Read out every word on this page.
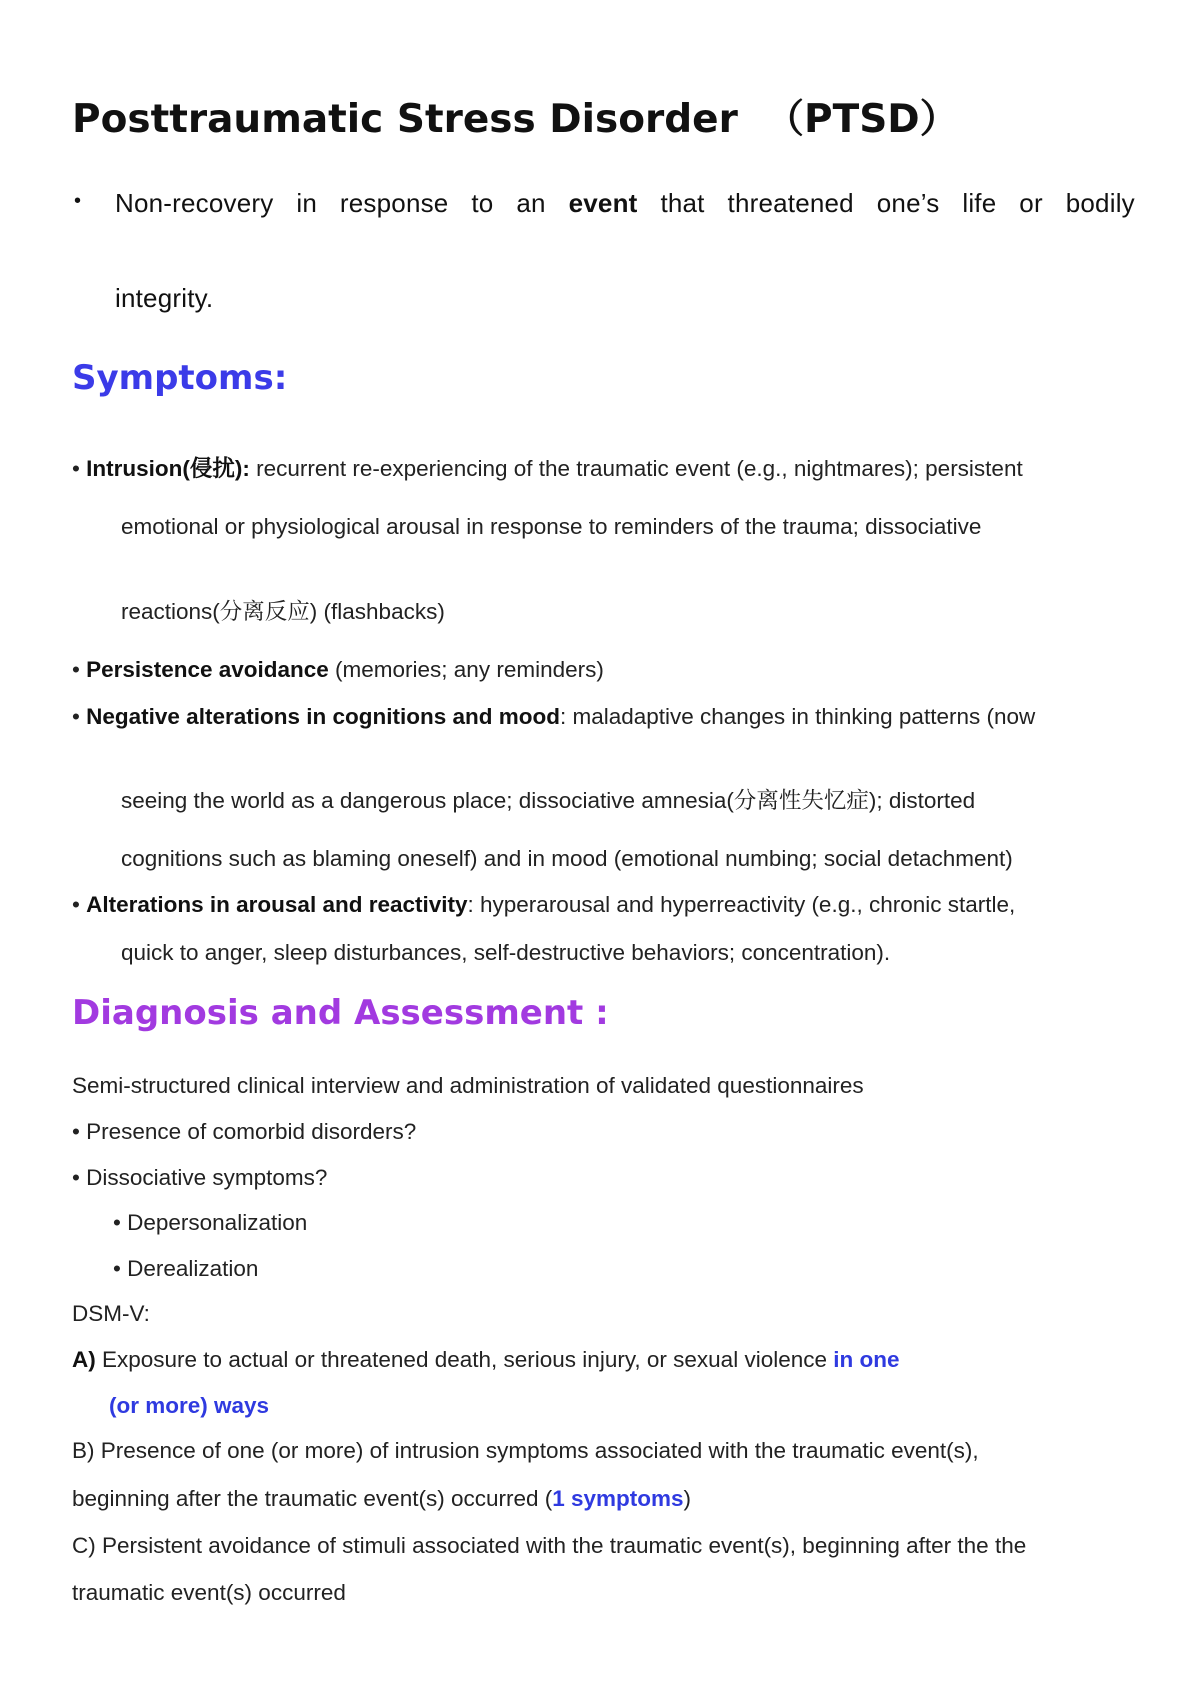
Posttraumatic Stress Disorder  （PTSD）
• Non-recovery in response to an event that threatened one’s life or bodily
integrity.
Symptoms:
• Intrusion(侵扰): recurrent re-experiencing of the traumatic event (e.g., nightmares); persistent
emotional or physiological arousal in response to reminders of the trauma; dissociative
reactions(分离反应) (flashbacks)
• Persistence avoidance (memories; any reminders)
• Negative alterations in cognitions and mood: maladaptive changes in thinking patterns (now
seeing the world as a dangerous place; dissociative amnesia(分离性失忆症); distorted
cognitions such as blaming oneself) and in mood (emotional numbing; social detachment)
• Alterations in arousal and reactivity: hyperarousal and hyperreactivity (e.g., chronic startle,
quick to anger, sleep disturbances, self-destructive behaviors; concentration).
Diagnosis and Assessment :
Semi-structured clinical interview and administration of validated questionnaires
• Presence of comorbid disorders?
• Dissociative symptoms?
• Depersonalization
• Derealization
DSM-V:
A) Exposure to actual or threatened death, serious injury, or sexual violence in one
(or more) ways
B) Presence of one (or more) of intrusion symptoms associated with the traumatic event(s),
beginning after the traumatic event(s) occurred (1 symptoms)
C) Persistent avoidance of stimuli associated with the traumatic event(s), beginning after the the
traumatic event(s) occurred
